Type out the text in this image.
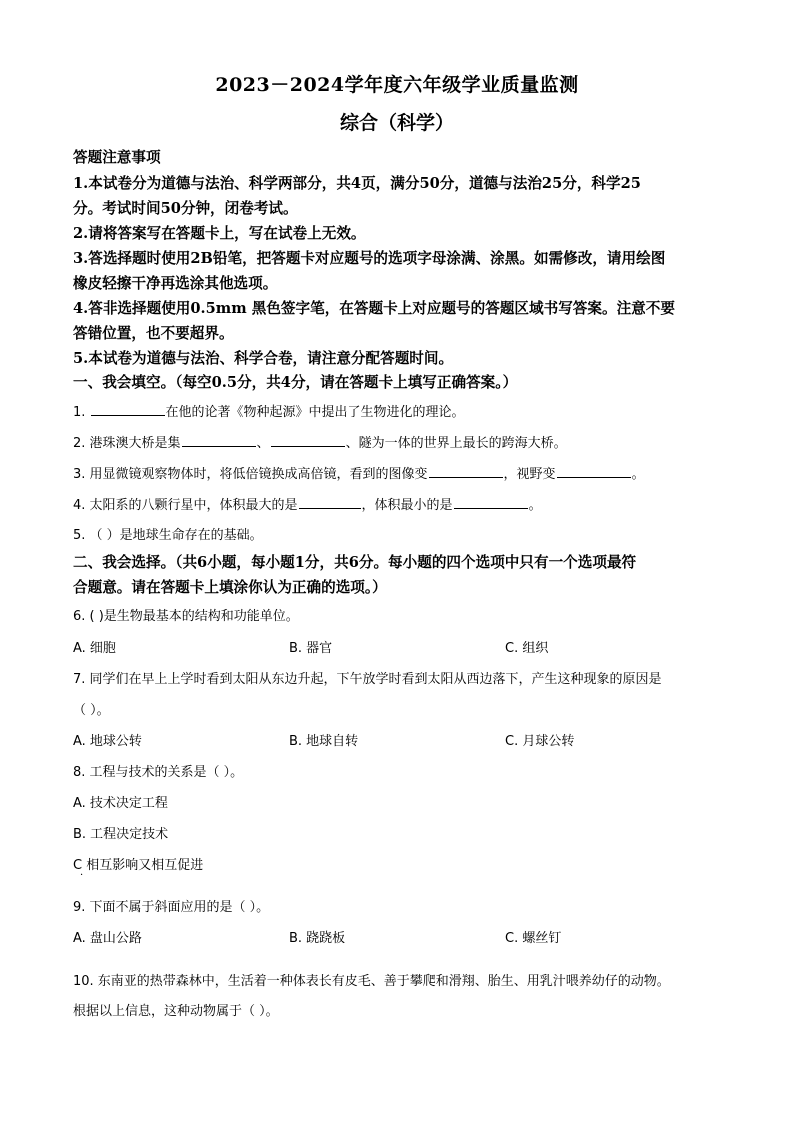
2023－2024学年度六年级学业质量监测
综合（科学）
答题注意事项
1.本试卷分为道德与法治、科学两部分，共4页，满分50分，道德与法治25分，科学25
分。考试时间50分钟，闭卷考试。
2.请将答案写在答题卡上，写在试卷上无效。
3.答选择题时使用2B铅笔，把答题卡对应题号的选项字母涂满、涂黑。如需修改，请用绘图
橡皮轻擦干净再选涂其他选项。
4.答非选择题使用0.5mm 黑色签字笔，在答题卡上对应题号的答题区域书写答案。注意不要
答错位置，也不要超界。
5.本试卷为道德与法治、科学合卷，请注意分配答题时间。
一、我会填空。（每空0.5分，共4分，请在答题卡上填写正确答案。）
1.	在他的论著《物种起源》中提出了生物进化的理论。
2. 港珠澳大桥是集	、	、隧为一体的世界上最长的跨海大桥。
3. 用显微镜观察物体时，将低倍镜换成高倍镜，看到的图像变	，视野变	。
4. 太阳系的八颗行星中，体积最大的是	，体积最小的是	。
5. （ ）是地球生命存在的基础。
二、我会选择。（共6小题，每小题1分，共6分。每小题的四个选项中只有一个选项最符
合题意。请在答题卡上填涂你认为正确的选项。）
6. ( )是生物最基本的结构和功能单位。
A. 细胞	B. 器官	C. 组织
7. 同学们在早上上学时看到太阳从东边升起，下午放学时看到太阳从西边落下，产生这种现象的原因是
（ ）。
A. 地球公转	B. 地球自转	C. 月球公转
8. 工程与技术的关系是（ ）。
A. 技术决定工程
B. 工程决定技术
C 相互影响又相互促进
·
9. 下面不属于斜面应用的是（ ）。
A. 盘山公路	B. 跷跷板	C. 螺丝钉
10. 东南亚的热带森林中，生活着一种体表长有皮毛、善于攀爬和滑翔、胎生、用乳汁喂养幼仔的动物。
根据以上信息，这种动物属于（ ）。
